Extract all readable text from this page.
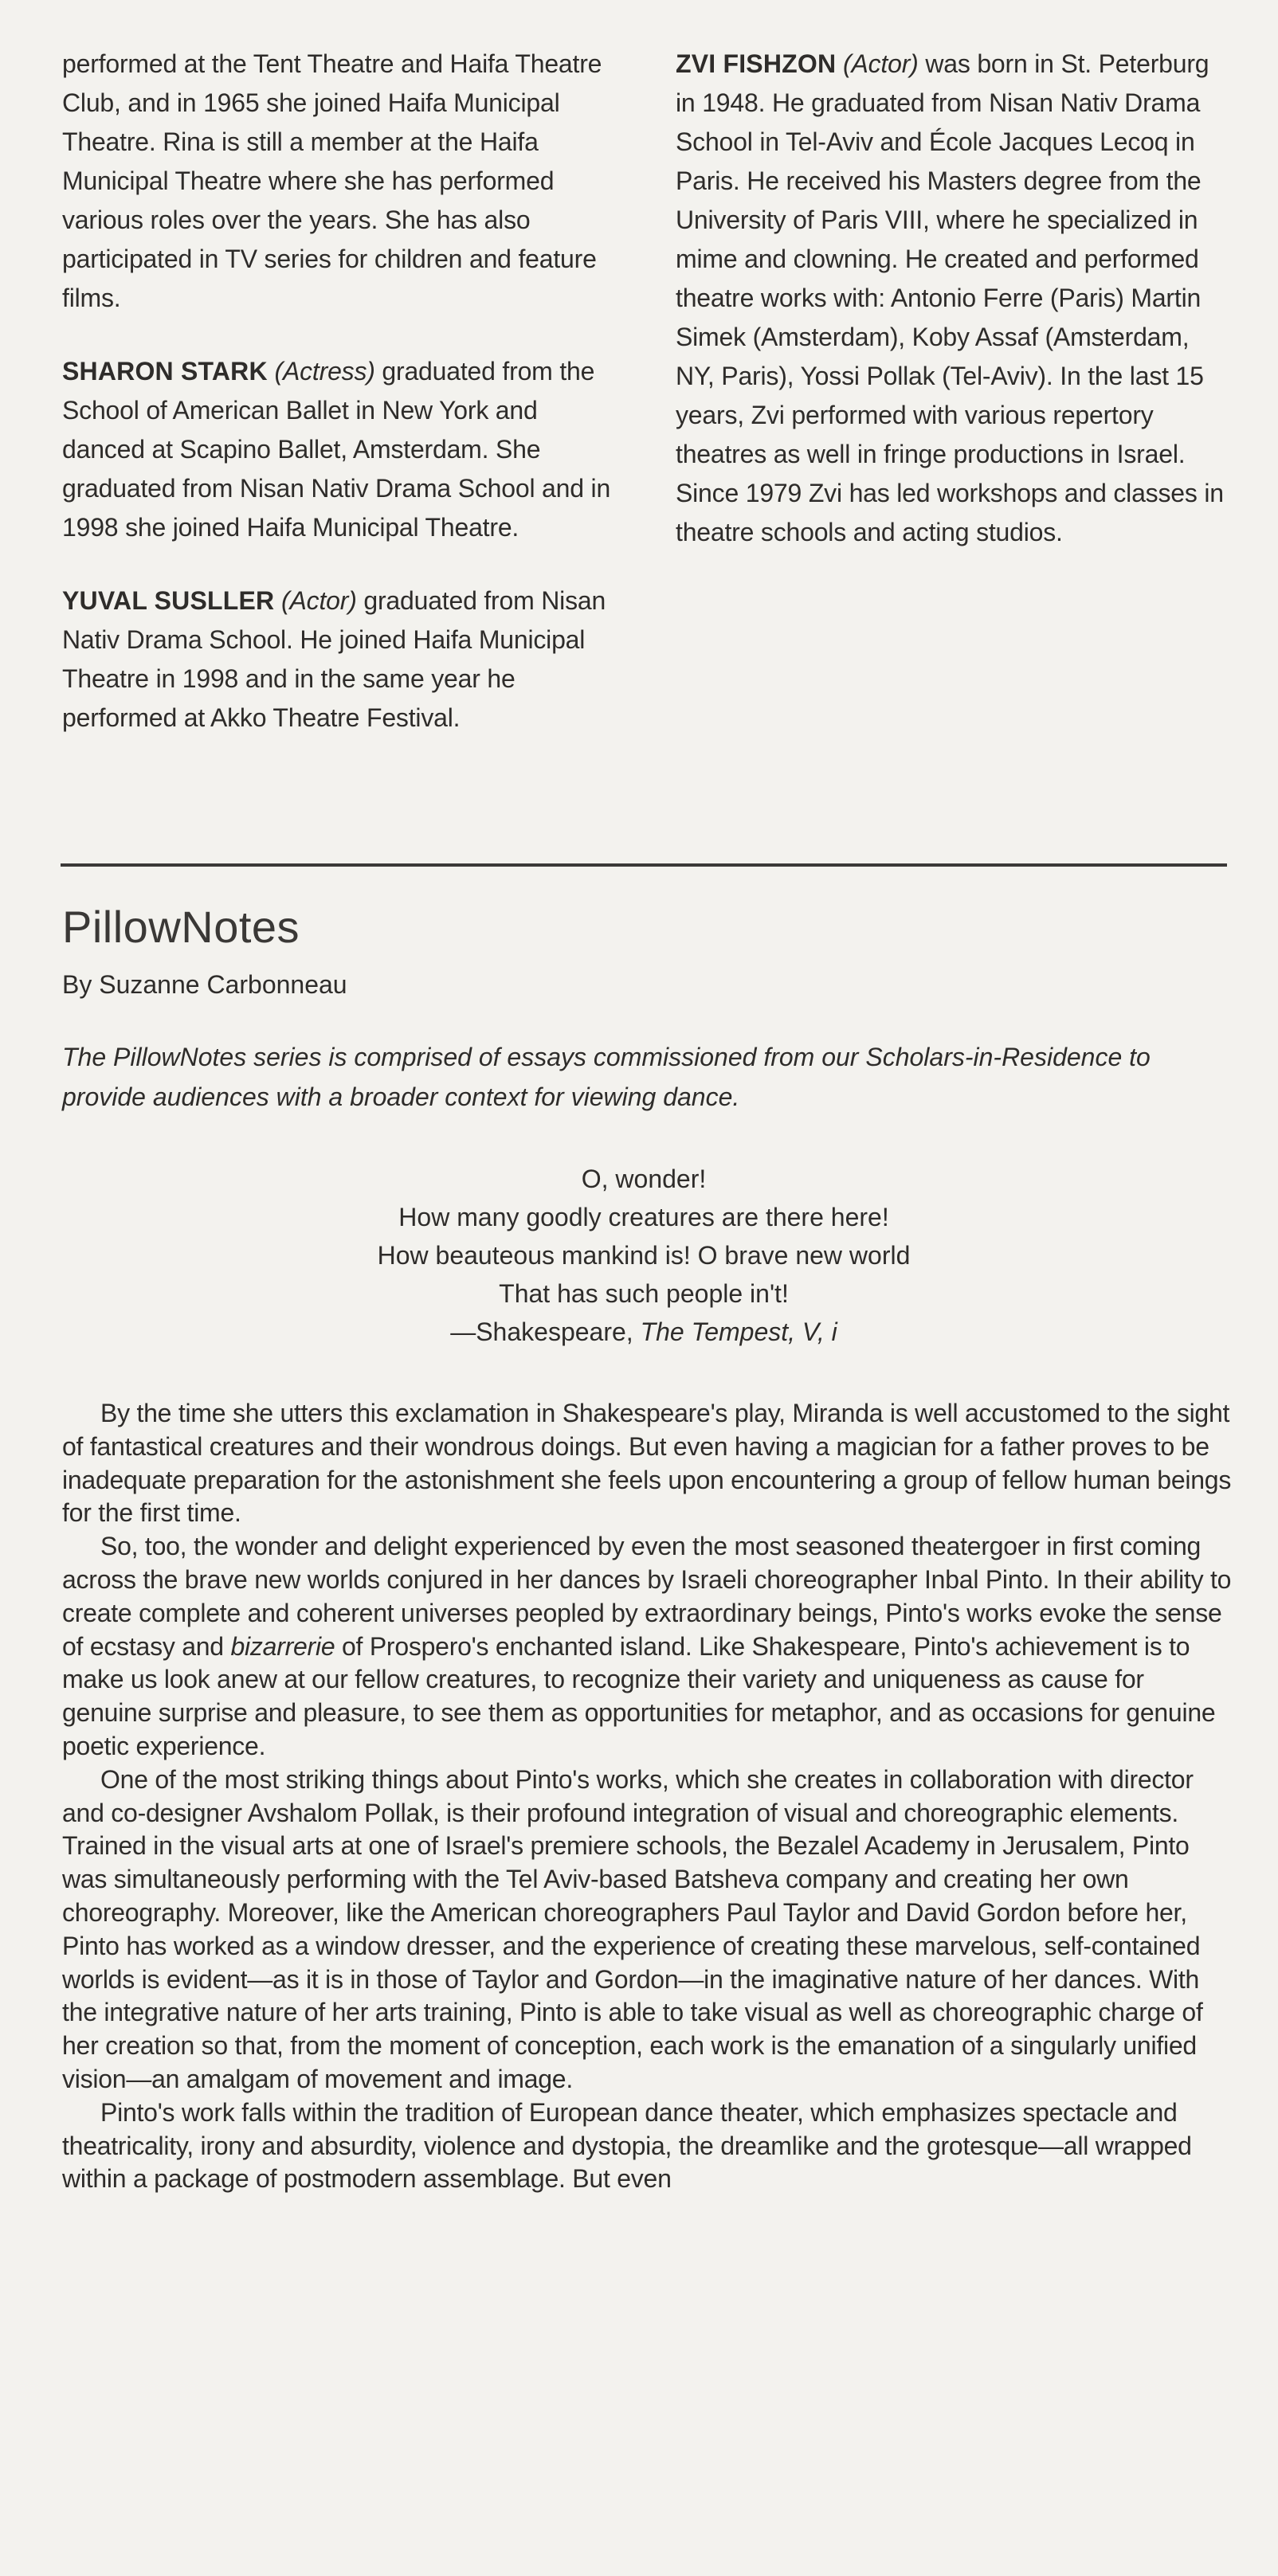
performed at the Tent Theatre and Haifa Theatre Club, and in 1965 she joined Haifa Municipal Theatre. Rina is still a member at the Haifa Municipal Theatre where she has performed various roles over the years. She has also participated in TV series for children and feature films.

SHARON STARK (Actress) graduated from the School of American Ballet in New York and danced at Scapino Ballet, Amsterdam. She graduated from Nisan Nativ Drama School and in 1998 she joined Haifa Municipal Theatre.

YUVAL SUSLLER (Actor) graduated from Nisan Nativ Drama School. He joined Haifa Municipal Theatre in 1998 and in the same year he performed at Akko Theatre Festival.

ZVI FISHZON (Actor) was born in St. Peterburg in 1948. He graduated from Nisan Nativ Drama School in Tel-Aviv and École Jacques Lecoq in Paris. He received his Masters degree from the University of Paris VIII, where he specialized in mime and clowning. He created and performed theatre works with: Antonio Ferre (Paris) Martin Simek (Amsterdam), Koby Assaf (Amsterdam, NY, Paris), Yossi Pollak (Tel-Aviv). In the last 15 years, Zvi performed with various repertory theatres as well in fringe productions in Israel. Since 1979 Zvi has led workshops and classes in theatre schools and acting studios.

PillowNotes

By Suzanne Carbonneau

The PillowNotes series is comprised of essays commissioned from our Scholars-in-Residence to provide audiences with a broader context for viewing dance.

O, wonder!
How many goodly creatures are there here!
How beauteous mankind is! O brave new world
That has such people in't!
—Shakespeare, The Tempest, V, i

By the time she utters this exclamation in Shakespeare's play, Miranda is well accustomed to the sight of fantastical creatures and their wondrous doings. But even having a magician for a father proves to be inadequate preparation for the astonishment she feels upon encountering a group of fellow human beings for the first time.

So, too, the wonder and delight experienced by even the most seasoned theatergoer in first coming across the brave new worlds conjured in her dances by Israeli choreographer Inbal Pinto. In their ability to create complete and coherent universes peopled by extraordinary beings, Pinto's works evoke the sense of ecstasy and bizarrerie of Prospero's enchanted island. Like Shakespeare, Pinto's achievement is to make us look anew at our fellow creatures, to recognize their variety and uniqueness as cause for genuine surprise and pleasure, to see them as opportunities for metaphor, and as occasions for genuine poetic experience.

One of the most striking things about Pinto's works, which she creates in collaboration with director and co-designer Avshalom Pollak, is their profound integration of visual and choreographic elements. Trained in the visual arts at one of Israel's premiere schools, the Bezalel Academy in Jerusalem, Pinto was simultaneously performing with the Tel Aviv-based Batsheva company and creating her own choreography. Moreover, like the American choreographers Paul Taylor and David Gordon before her, Pinto has worked as a window dresser, and the experience of creating these marvelous, self-contained worlds is evident—as it is in those of Taylor and Gordon—in the imaginative nature of her dances. With the integrative nature of her arts training, Pinto is able to take visual as well as choreographic charge of her creation so that, from the moment of conception, each work is the emanation of a singularly unified vision—an amalgam of movement and image.

Pinto's work falls within the tradition of European dance theater, which emphasizes spectacle and theatricality, irony and absurdity, violence and dystopia, the dreamlike and the grotesque—all wrapped within a package of postmodern assemblage. But even
